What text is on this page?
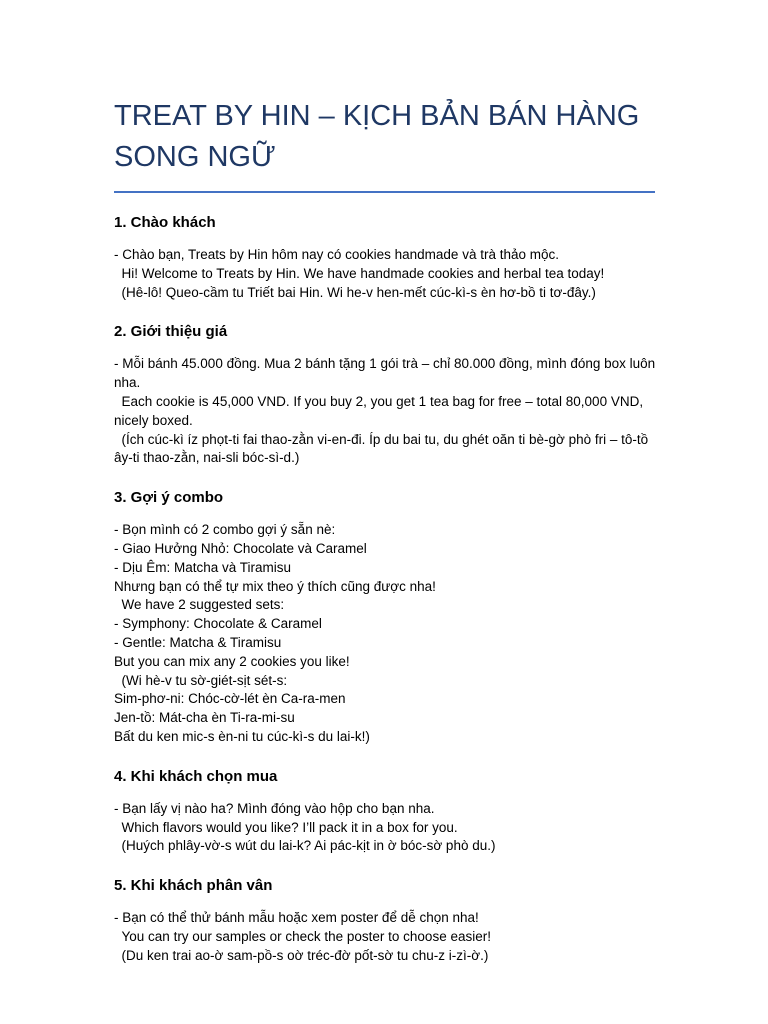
TREAT BY HIN – KỊCH BẢN BÁN HÀNG SONG NGỮ

1. Chào khách

- Chào bạn, Treats by Hin hôm nay có cookies handmade và trà thảo mộc.

Hi! Welcome to Treats by Hin. We have handmade cookies and herbal tea today!

(Hê-lô! Queo-cầm tu Triết bai Hin. Wi he-v hen-mết cúc-kì-s èn hơ-bồ ti tơ-đây.)

2. Giới thiệu giá

- Mỗi bánh 45.000 đồng. Mua 2 bánh tặng 1 gói trà – chỉ 80.000 đồng, mình đóng box luôn nha.

Each cookie is 45,000 VND. If you buy 2, you get 1 tea bag for free – total 80,000 VND, nicely boxed.

(Ích cúc-kì íz phọt-ti fai thao-zằn vi-en-đi. Íp du bai tu, du ghét oăn ti bè-gờ phò fri – tô-tồ ây-ti thao-zằn, nai-sli bóc-sì-d.)

3. Gợi ý combo

- Bọn mình có 2 combo gợi ý sẵn nè:

- Giao Hưởng Nhỏ: Chocolate và Caramel

- Dịu Êm: Matcha và Tiramisu

Nhưng bạn có thể tự mix theo ý thích cũng được nha!

We have 2 suggested sets:

- Symphony: Chocolate & Caramel

- Gentle: Matcha & Tiramisu

But you can mix any 2 cookies you like!

(Wi hè-v tu sờ-giét-sịt sét-s:

Sim-phơ-ni: Chóc-cờ-lét èn Ca-ra-men

Jen-tồ: Mát-cha èn Ti-ra-mi-su

Bất du ken mic-s èn-ni tu cúc-kì-s du lai-k!)

4. Khi khách chọn mua

- Bạn lấy vị nào ha? Mình đóng vào hộp cho bạn nha.

Which flavors would you like? I’ll pack it in a box for you.

(Huých phlây-vờ-s wút du lai-k? Ai pác-kịt in ờ bóc-sờ phò du.)

5. Khi khách phân vân

- Bạn có thể thử bánh mẫu hoặc xem poster để dễ chọn nha!

You can try our samples or check the poster to choose easier!

(Du ken trai ao-ờ sam-pồ-s oờ tréc-đờ pốt-sờ tu chu-z i-zì-ờ.)
